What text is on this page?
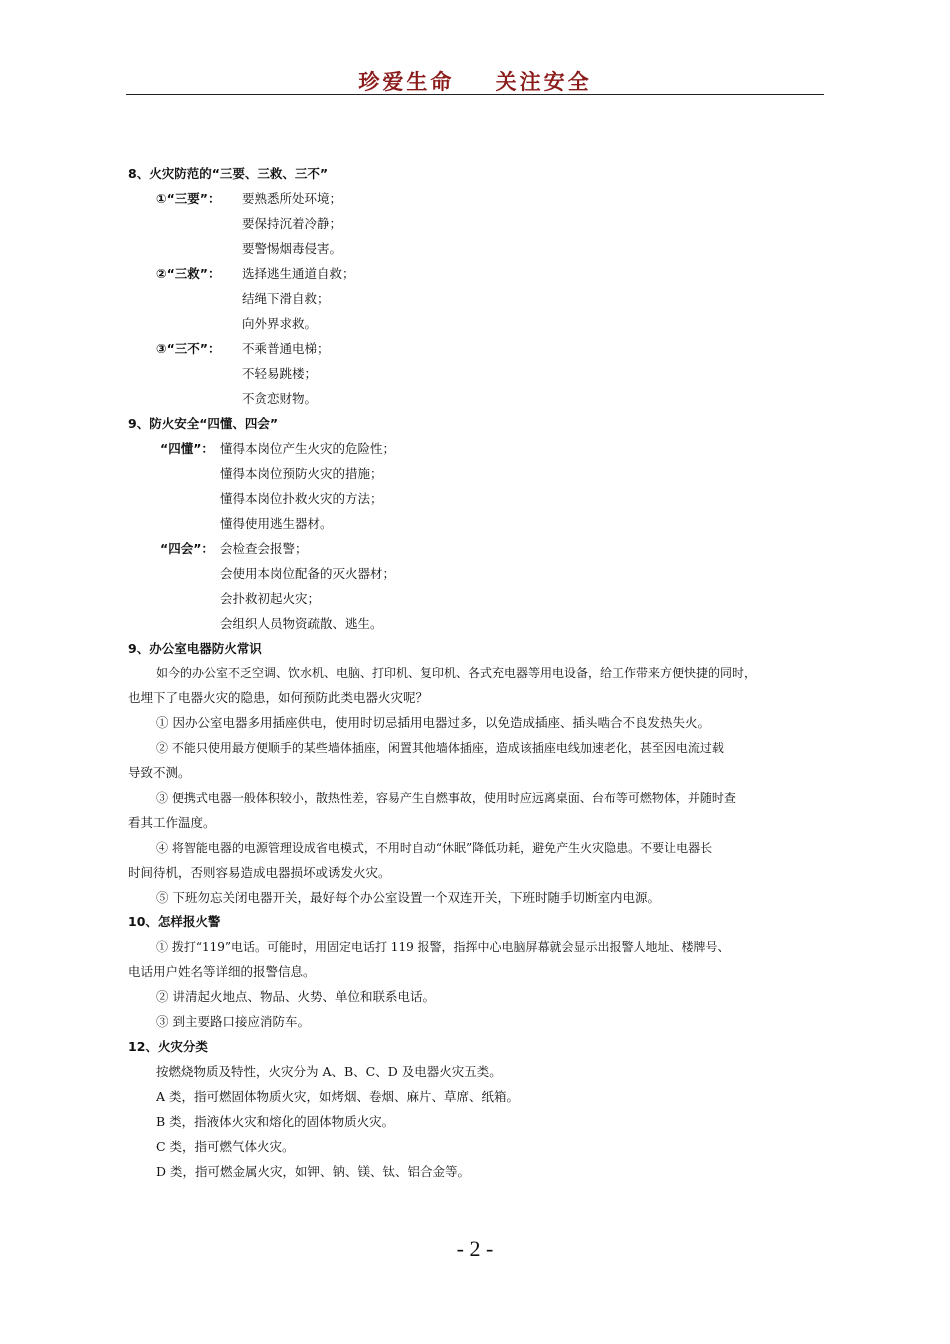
珍爱生命    关注安全
8、火灾防范的“三要、三救、三不”
①“三要”： 要熟悉所处环境；
要保持沉着冷静；
要警惕烟毒侵害。
②“三救”： 选择逃生通道自救；
结绳下滑自救；
向外界求救。
③“三不”： 不乘普通电梯；
不轻易跳楼；
不贪恋财物。
9、防火安全“四懂、四会”
“四懂”： 懂得本岗位产生火灾的危险性；
懂得本岗位预防火灾的措施；
懂得本岗位扑救火灾的方法；
懂得使用逃生器材。
“四会”： 会检查会报警；
会使用本岗位配备的灭火器材；
会扑救初起火灾；
会组织人员物资疏散、逃生。
9、办公室电器防火常识
如今的办公室不乏空调、饮水机、电脑、打印机、复印机、各式充电器等用电设备，给工作带来方便快捷的同时，
也埋下了电器火灾的隐患，如何预防此类电器火灾呢？
① 因办公室电器多用插座供电，使用时切忌插用电器过多，以免造成插座、插头啮合不良发热失火。
② 不能只使用最方便顺手的某些墙体插座，闲置其他墙体插座，造成该插座电线加速老化，甚至因电流过载
导致不测。
③ 便携式电器一般体积较小，散热性差，容易产生自燃事故，使用时应远离桌面、台布等可燃物体，并随时查
看其工作温度。
④ 将智能电器的电源管理设成省电模式，不用时自动“休眠”降低功耗，避免产生火灾隐患。不要让电器长
时间待机，否则容易造成电器损坏或诱发火灾。
⑤ 下班勿忘关闭电器开关，最好每个办公室设置一个双连开关，下班时随手切断室内电源。
10、怎样报火警
① 拨打“119”电话。可能时，用固定电话打 119 报警，指挥中心电脑屏幕就会显示出报警人地址、楼牌号、
电话用户姓名等详细的报警信息。
② 讲清起火地点、物品、火势、单位和联系电话。
③ 到主要路口接应消防车。
12、火灾分类
按燃烧物质及特性，火灾分为 A、B、C、D 及电器火灾五类。
A 类，指可燃固体物质火灾，如烤烟、卷烟、麻片、草席、纸箱。
B 类，指液体火灾和熔化的固体物质火灾。
C 类，指可燃气体火灾。
D 类，指可燃金属火灾，如钾、钠、镁、钛、铝合金等。
- 2 -
